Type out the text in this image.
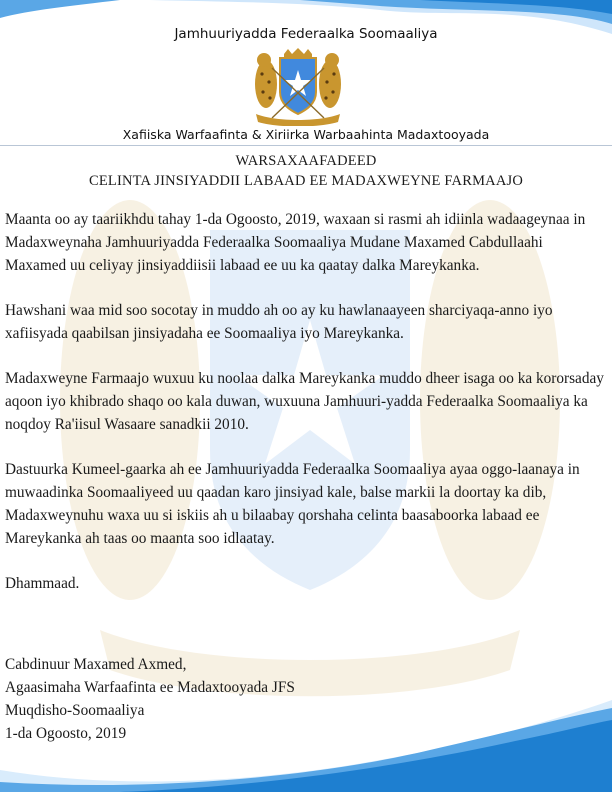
Jamhuuriyadda Federaalka Soomaaliya
Xafiiska Warfaafinta & Xiriirka Warbaahinta Madaxtooyada
WARSAXAAFADEED
CELINTA JINSIYADDII LABAAD EE MADAXWEYNE FARMAAJO

Maanta oo ay taariikhdu tahay 1-da Ogoosto, 2019, waxaan si rasmi ah idiinla wadaageynaa in Madaxweynaha Jamhuuriyadda Federaalka Soomaaliya Mudane Maxamed Cabdullaahi Maxamed uu celiyay jinsiyaddiisii labaad ee uu ka qaatay dalka Mareykanka.

Hawshani waa mid soo socotay in muddo ah oo ay ku hawlanaayeen sharciyaqa-anno iyo xafiisyada qaabilsan jinsiyadaha ee Soomaaliya iyo Mareykanka.

Madaxweyne Farmaajo wuxuu ku noolaa dalka Mareykanka muddo dheer isaga oo ka kororsaday aqoon iyo khibrado shaqo oo kala duwan, wuxuuna Jamhuuri-yadda Federaalka Soomaaliya ka noqdoy Ra'iisul Wasaare sanadkii 2010.

Dastuurka Kumeel-gaarka ah ee Jamhuuriyadda Federaalka Soomaaliya ayaa oggo-laanaya in muwaadinka Soomaaliyeed uu qaadan karo jinsiyad kale, balse markii la doortay ka dib, Madaxweynuhu waxa uu si iskiis ah u bilaabay qorshaha celinta baasaboorka labaad ee Mareykanka ah taas oo maanta soo idlaatay.

Dhammaad.

Cabdinuur Maxamed Axmed,
Agaasimaha Warfaafinta ee Madaxtooyada JFS
Muqdisho-Soomaaliya
1-da Ogoosto, 2019
